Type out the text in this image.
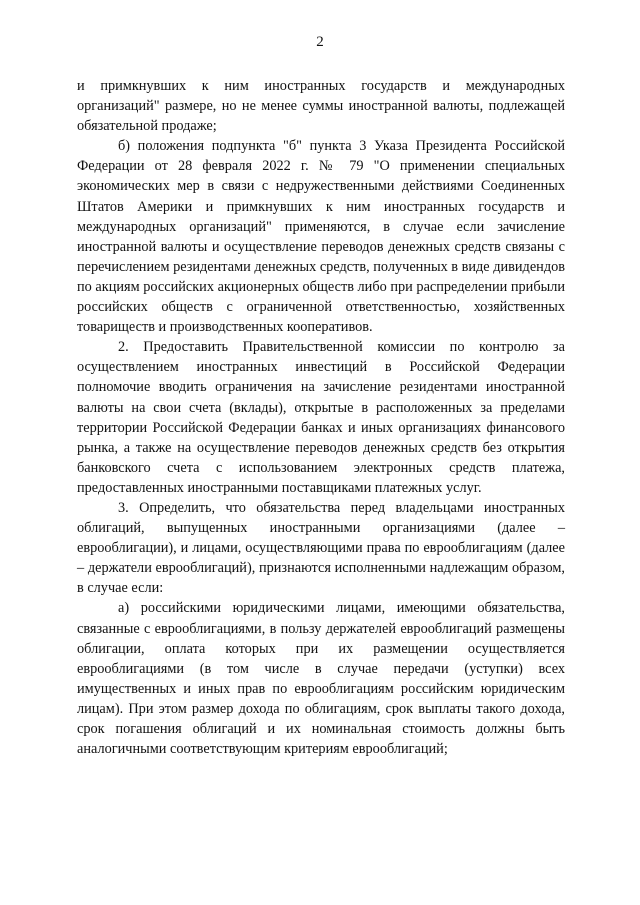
2

и примкнувших к ним иностранных государств и международных организаций" размере, но не менее суммы иностранной валюты, подлежащей обязательной продаже;

б) положения подпункта "б" пункта 3 Указа Президента Российской Федерации от 28 февраля 2022 г. № 79 "О применении специальных экономических мер в связи с недружественными действиями Соединенных Штатов Америки и примкнувших к ним иностранных государств и международных организаций" применяются, в случае если зачисление иностранной валюты и осуществление переводов денежных средств связаны с перечислением резидентами денежных средств, полученных в виде дивидендов по акциям российских акционерных обществ либо при распределении прибыли российских обществ с ограниченной ответственностью, хозяйственных товариществ и производственных кооперативов.

2. Предоставить Правительственной комиссии по контролю за осуществлением иностранных инвестиций в Российской Федерации полномочие вводить ограничения на зачисление резидентами иностранной валюты на свои счета (вклады), открытые в расположенных за пределами территории Российской Федерации банках и иных организациях финансового рынка, а также на осуществление переводов денежных средств без открытия банковского счета с использованием электронных средств платежа, предоставленных иностранными поставщиками платежных услуг.

3. Определить, что обязательства перед владельцами иностранных облигаций, выпущенных иностранными организациями (далее – еврооблигации), и лицами, осуществляющими права по еврооблигациям (далее – держатели еврооблигаций), признаются исполненными надлежащим образом, в случае если:

а) российскими юридическими лицами, имеющими обязательства, связанные с еврооблигациями, в пользу держателей еврооблигаций размещены облигации, оплата которых при их размещении осуществляется еврооблигациями (в том числе в случае передачи (уступки) всех имущественных и иных прав по еврооблигациям российским юридическим лицам). При этом размер дохода по облигациям, срок выплаты такого дохода, срок погашения облигаций и их номинальная стоимость должны быть аналогичными соответствующим критериям еврооблигаций;
